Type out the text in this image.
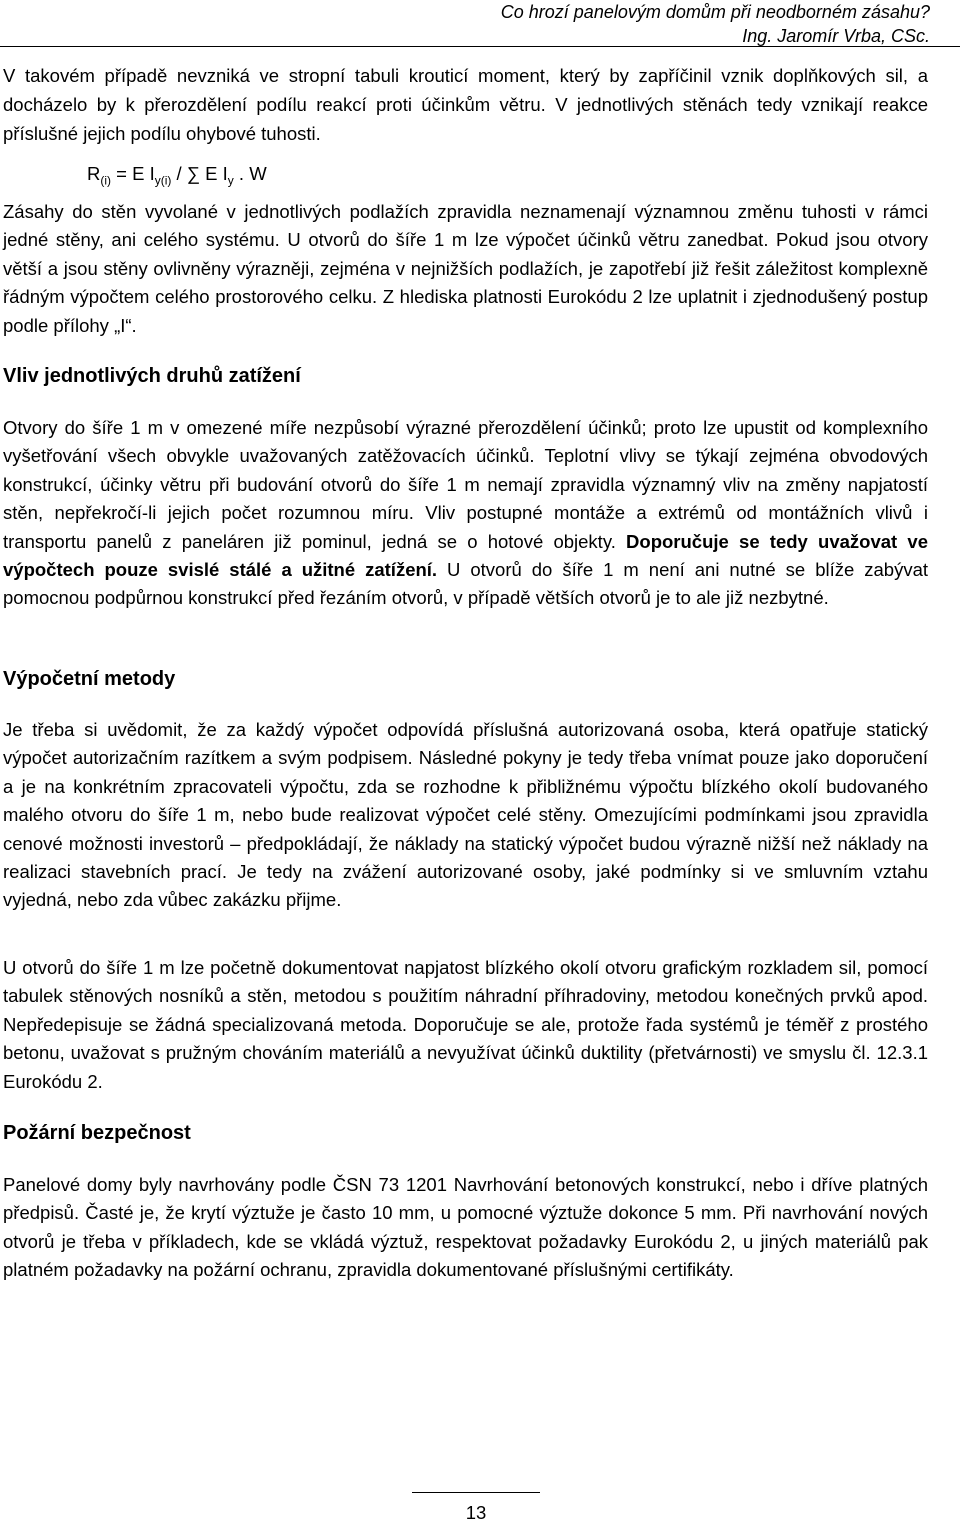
Co hrozí panelovým domům při neodborném zásahu?
Ing. Jaromír Vrba, CSc.
V takovém případě nevzniká ve stropní tabuli krouticí moment, který by zapříčinil vznik doplňkových sil, a docházelo by k přerozdělení podílu reakcí proti účinkům větru. V jednotlivých stěnách tedy vznikají reakce příslušné jejich podílu ohybové tuhosti.
$R_{(i)} = E$ $I_{y(i)}$ / ∑ E $I_y$ . W
Zásahy do stěn vyvolané v jednotlivých podlažích zpravidla neznamenají významnou změnu tuhosti v rámci jedné stěny, ani celého systému. U otvorů do šíře 1 m lze výpočet účinků větru zanedbat. Pokud jsou otvory větší a jsou stěny ovlivněny výrazněji, zejména v nejnižších podlažích, je zapotřebí již řešit záležitost komplexně řádným výpočtem celého prostorového celku. Z hlediska platnosti Eurokódu 2 lze uplatnit i zjednodušený postup podle přílohy „I“.
Vliv jednotlivých druhů zatížení
Otvory do šíře 1 m v omezené míře nezpůsobí výrazné přerozdělení účinků; proto lze upustit od komplexního vyšetřování všech obvykle uvažovaných zatěžovacích účinků. Teplotní vlivy se týkají zejména obvodových konstrukcí, účinky větru při budování otvorů do šíře 1 m nemají zpravidla významný vliv na změny napjatostí stěn, nepřekročí-li jejich počet rozumnou míru. Vliv postupné montáže a extrémů od montážních vlivů i transportu panelů z paneláren již pominul, jedná se o hotové objekty. Doporučuje se tedy uvažovat ve výpočtech pouze svislé stálé a užitné zatížení. U otvorů do šíře 1 m není ani nutné se blíže zabývat pomocnou podpůrnou konstrukcí před řezáním otvorů, v případě větších otvorů je to ale již nezbytné.
Výpočetní metody
Je třeba si uvědomit, že za každý výpočet odpovídá příslušná autorizovaná osoba, která opatřuje statický výpočet autorizačním razítkem a svým podpisem. Následné pokyny je tedy třeba vnímat pouze jako doporučení a je na konkrétním zpracovateli výpočtu, zda se rozhodne k přibližnému výpočtu blízkého okolí budovaného malého otvoru do šíře 1 m, nebo bude realizovat výpočet celé stěny. Omezujícími podmínkami jsou zpravidla cenové možnosti investorů – předpokládají, že náklady na statický výpočet budou výrazně nižší než náklady na realizaci stavebních prací. Je tedy na zvážení autorizované osoby, jaké podmínky si ve smluvním vztahu vyjedná, nebo zda vůbec zakázku přijme.
U otvorů do šíře 1 m lze početně dokumentovat napjatost blízkého okolí otvoru grafickým rozkladem sil, pomocí tabulek stěnových nosníků a stěn, metodou s použitím náhradní příhradoviny, metodou konečných prvků apod. Nepředepisuje se žádná specializovaná metoda. Doporučuje se ale, protože řada systémů je téměř z prostého betonu, uvažovat s pružným chováním materiálů a nevyužívat účinků duktility (přetvárnosti) ve smyslu čl. 12.3.1 Eurokódu 2.
Požární bezpečnost
Panelové domy byly navrhovány podle ČSN 73 1201 Navrhování betonových konstrukcí, nebo i dříve platných předpisů. Časté je, že krytí výztuže je často 10 mm, u pomocné výztuže dokonce 5 mm. Při navrhování nových otvorů je třeba v příkladech, kde se vkládá výztuž, respektovat požadavky Eurokódu 2, u jiných materiálů pak platném požadavky na požární ochranu, zpravidla dokumentované příslušnými certifikáty.
13
